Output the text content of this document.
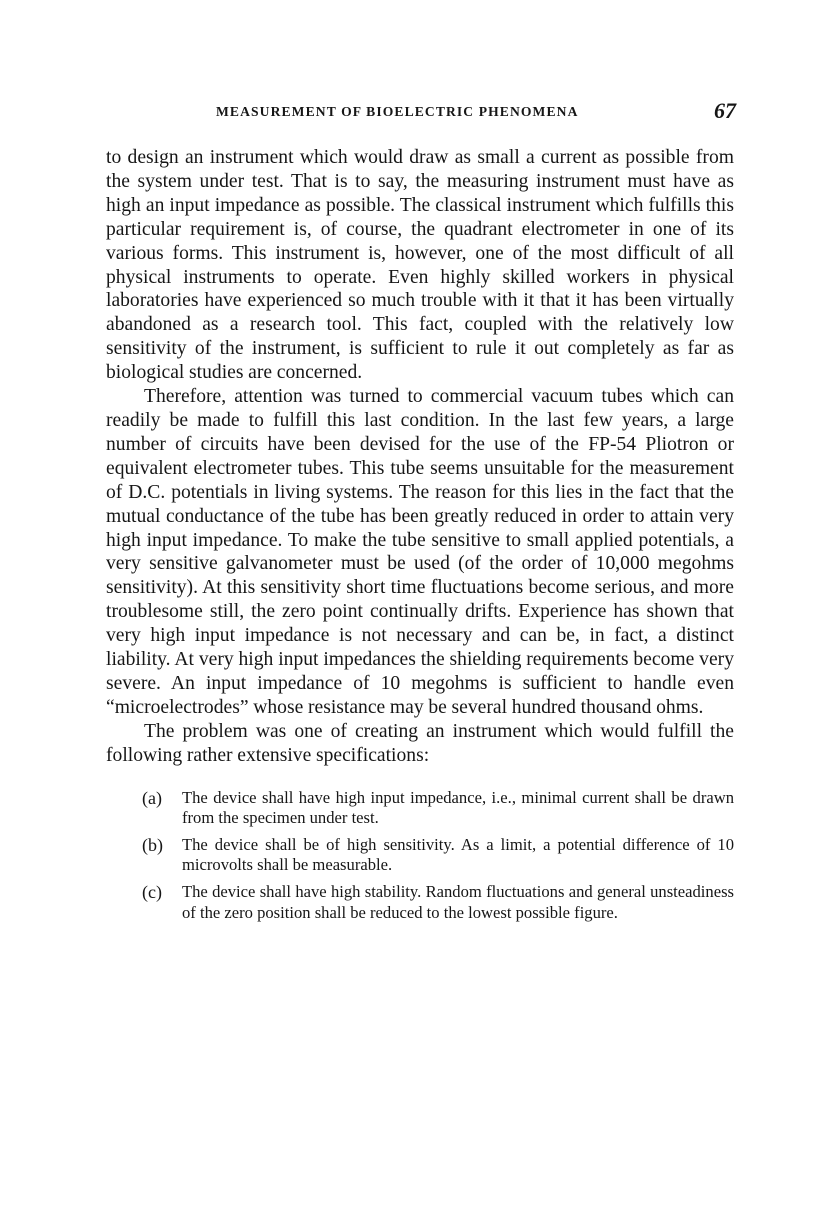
MEASUREMENT OF BIOELECTRIC PHENOMENA	67

to design an instrument which would draw as small a current as possible from the system under test. That is to say, the measuring instrument must have as high an input impedance as possible. The classical instrument which fulfills this particular requirement is, of course, the quadrant electrometer in one of its various forms. This instrument is, however, one of the most difficult of all physical instruments to operate. Even highly skilled workers in physical laboratories have experienced so much trouble with it that it has been virtually abandoned as a research tool. This fact, coupled with the relatively low sensitivity of the instrument, is sufficient to rule it out completely as far as biological studies are concerned.

Therefore, attention was turned to commercial vacuum tubes which can readily be made to fulfill this last condition. In the last few years, a large number of circuits have been devised for the use of the FP-54 Pliotron or equivalent electrometer tubes. This tube seems unsuitable for the measurement of D.C. potentials in living systems. The reason for this lies in the fact that the mutual conductance of the tube has been greatly reduced in order to attain very high input impedance. To make the tube sensitive to small applied potentials, a very sensitive galvanometer must be used (of the order of 10,000 megohms sensitivity). At this sensitivity short time fluctuations become serious, and more troublesome still, the zero point continually drifts. Experience has shown that very high input impedance is not necessary and can be, in fact, a distinct liability. At very high input impedances the shielding requirements become very severe. An input impedance of 10 megohms is sufficient to handle even “microelectrodes” whose resistance may be several hundred thousand ohms.

The problem was one of creating an instrument which would fulfill the following rather extensive specifications:

(a) The device shall have high input impedance, i.e., minimal current shall be drawn from the specimen under test.
(b) The device shall be of high sensitivity. As a limit, a potential difference of 10 microvolts shall be measurable.
(c) The device shall have high stability. Random fluctuations and general unsteadiness of the zero position shall be reduced to the lowest possible figure.
